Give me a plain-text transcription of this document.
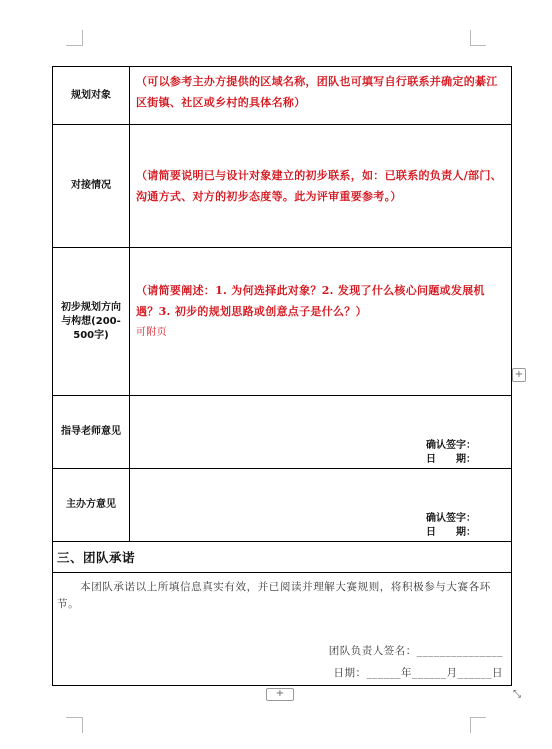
规划对象	（可以参考主办方提供的区域名称，团队也可填写自行联系并确定的綦江区街镇、社区或乡村的具体名称）

对接情况	（请简要说明已与设计对象建立的初步联系，如：已联系的负责人/部门、沟通方式、对方的初步态度等。此为评审重要参考。）

初步规划方向与构想(200-500字)	（请简要阐述：1. 为何选择此对象？2. 发现了什么核心问题或发展机遇？3. 初步的规划思路或创意点子是什么？）
可附页

指导老师意见	确认签字：
日　　期：

主办方意见	确认签字：
日　　期：

三、团队承诺	

本团队承诺以上所填信息真实有效，并已阅读并理解大赛规则，将积极参与大赛各环节。

团队负责人签名：_______________
日期：______年______月______日	
+
+	⤡
